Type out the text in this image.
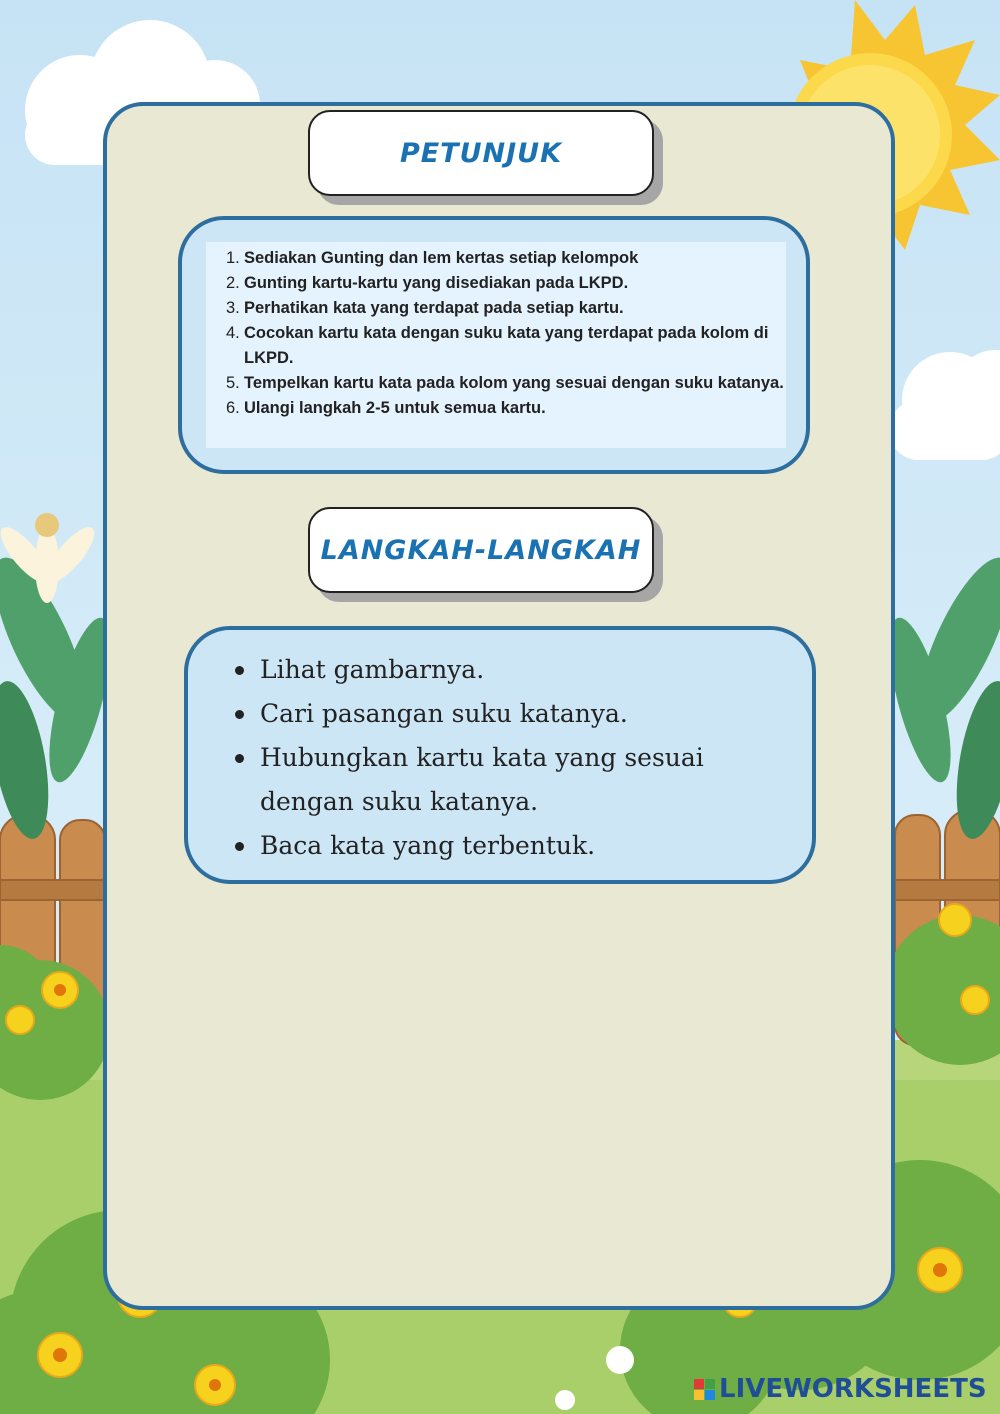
PETUNJUK
1. Sediakan Gunting dan lem kertas setiap kelompok
2. Gunting kartu-kartu yang disediakan pada LKPD.
3. Perhatikan kata yang terdapat pada setiap kartu.
4. Cocokan kartu kata dengan suku kata yang terdapat pada kolom di LKPD.
5. Tempelkan kartu kata pada kolom yang sesuai dengan suku katanya.
6. Ulangi langkah 2-5 untuk semua kartu.
LANGKAH-LANGKAH
Lihat gambarnya.
Cari pasangan suku katanya.
Hubungkan kartu kata yang sesuai dengan suku katanya.
Baca kata yang terbentuk.
LIVEWORKSHEETS
